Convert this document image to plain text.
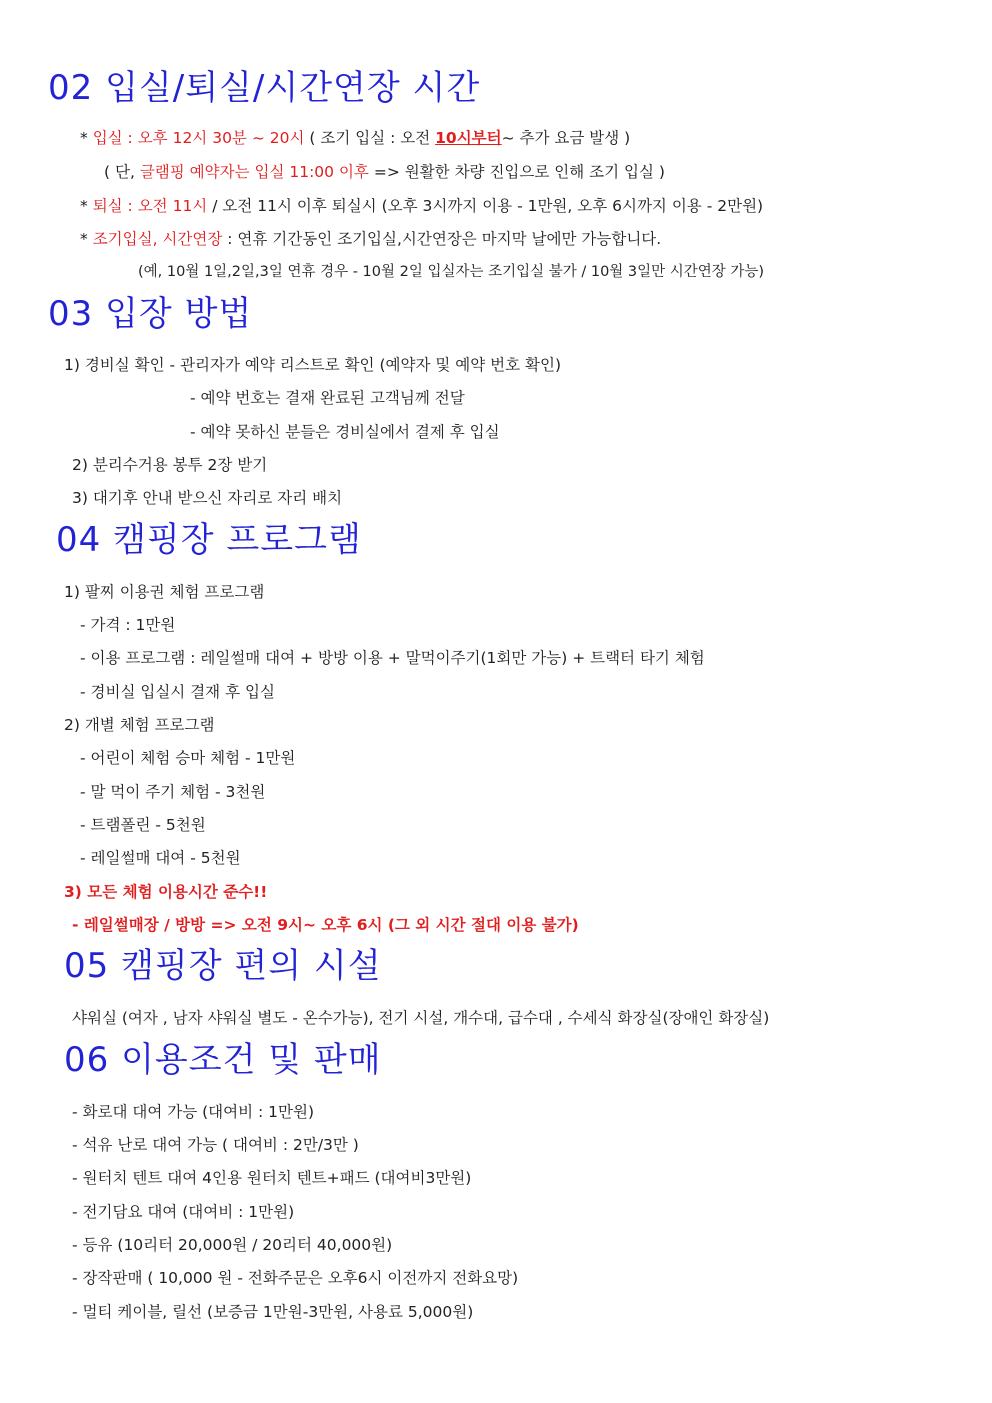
02 입실/퇴실/시간연장 시간
* 입실 : 오후 12시 30분 ~ 20시 ( 조기 입실 : 오전 10시부터~ 추가 요금 발생 )
( 단, 글램핑 예약자는 입실 11:00 이후 => 원활한 차량 진입으로 인해 조기 입실 )
* 퇴실 : 오전 11시 / 오전 11시 이후 퇴실시 (오후 3시까지 이용 - 1만원, 오후 6시까지 이용 - 2만원)
* 조기입실, 시간연장 : 연휴 기간동인 조기입실,시간연장은 마지막 날에만 가능합니다.
(예, 10월 1일,2일,3일 연휴 경우 - 10월 2일 입실자는 조기입실 불가 / 10월 3일만 시간연장 가능)
03 입장 방법
1) 경비실 확인 - 관리자가 예약 리스트로 확인 (예약자 및 예약 번호 확인)
- 예약 번호는 결재 완료된 고객님께 전달
- 예약 못하신 분들은 경비실에서 결제 후 입실
2) 분리수거용 봉투 2장 받기
3) 대기후 안내 받으신 자리로 자리 배치
04 캠핑장 프로그램
1) 팔찌 이용권 체험 프로그램
- 가격 : 1만원
- 이용 프로그램 : 레일썰매 대여 + 방방 이용 + 말먹이주기(1회만 가능) + 트랙터 타기 체험
- 경비실 입실시 결재 후 입실
2) 개별 체험 프로그램
- 어린이 체험 승마 체험 - 1만원
- 말 먹이 주기 체험 - 3천원
- 트램폴린 - 5천원
- 레일썰매 대여 - 5천원
3) 모든 체험 이용시간 준수!!
- 레일썰매장 / 방방 => 오전 9시~ 오후 6시 (그 외 시간 절대 이용 불가)
05 캠핑장 편의 시설
샤워실 (여자 , 남자 샤워실 별도 - 온수가능), 전기 시설, 개수대, 급수대 , 수세식 화장실(장애인 화장실)
06 이용조건 및 판매
- 화로대 대여 가능 (대여비 : 1만원)
- 석유 난로 대여 가능 ( 대여비 : 2만/3만 )
- 원터치 텐트 대여 4인용 원터치 텐트+패드 (대여비3만원)
- 전기담요 대여 (대여비 : 1만원)
- 등유 (10리터 20,000원 / 20리터 40,000원)
- 장작판매 ( 10,000 원 - 전화주문은 오후6시 이전까지 전화요망)
- 멀티 케이블, 릴선 (보증금 1만원-3만원, 사용료 5,000원)
